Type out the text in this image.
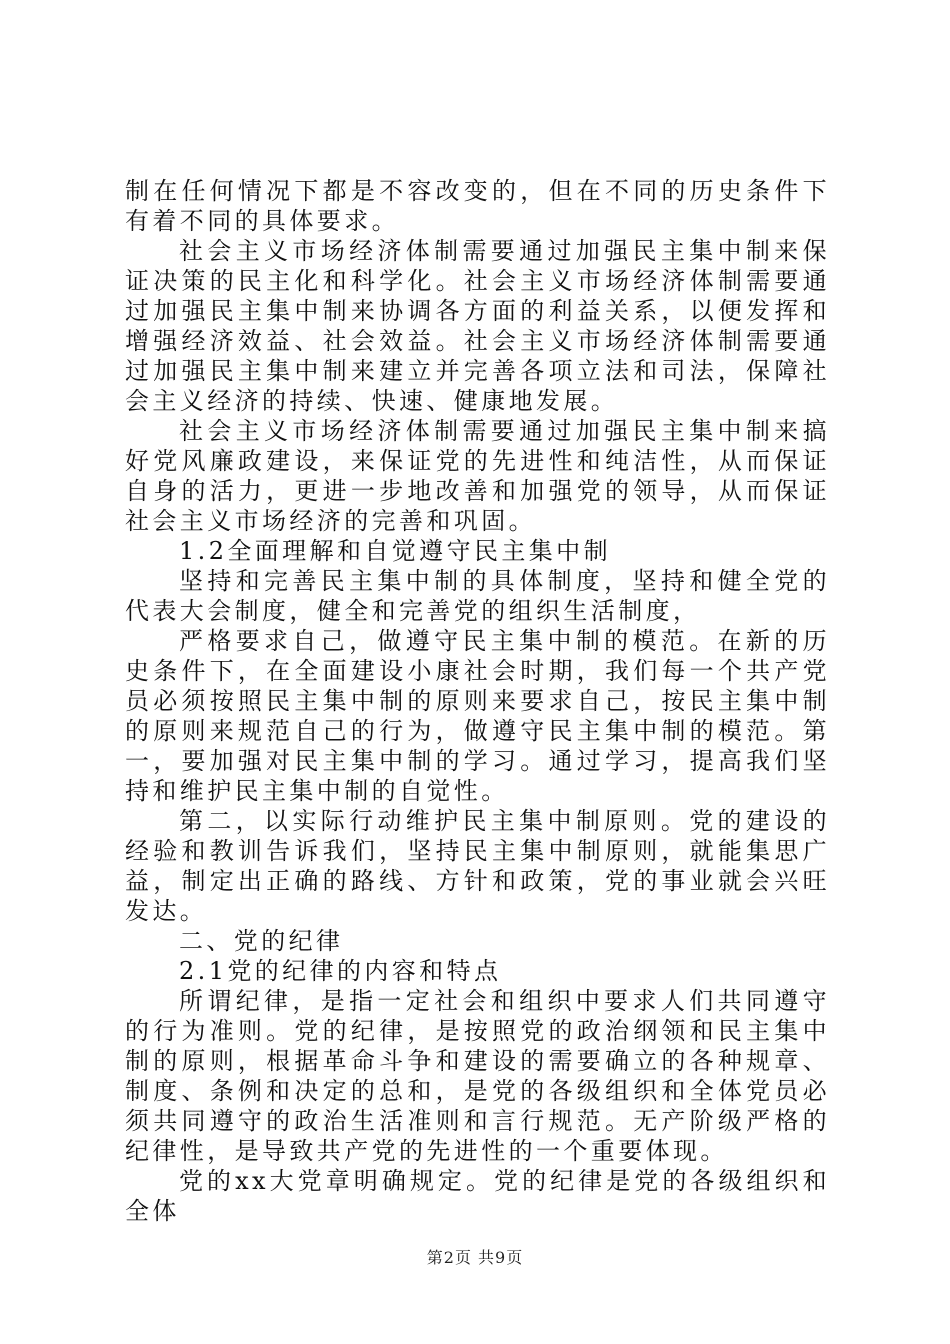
制在任何情况下都是不容改变的，但在不同的历史条件下有着不同的具体要求。

社会主义市场经济体制需要通过加强民主集中制来保证决策的民主化和科学化。社会主义市场经济体制需要通过加强民主集中制来协调各方面的利益关系，以便发挥和增强经济效益、社会效益。社会主义市场经济体制需要通过加强民主集中制来建立并完善各项立法和司法，保障社会主义经济的持续、快速、健康地发展。

社会主义市场经济体制需要通过加强民主集中制来搞好党风廉政建设，来保证党的先进性和纯洁性，从而保证自身的活力，更进一步地改善和加强党的领导，从而保证社会主义市场经济的完善和巩固。

1.2全面理解和自觉遵守民主集中制

坚持和完善民主集中制的具体制度，坚持和健全党的代表大会制度，健全和完善党的组织生活制度，

严格要求自己，做遵守民主集中制的模范。在新的历史条件下，在全面建设小康社会时期，我们每一个共产党员必须按照民主集中制的原则来要求自己，按民主集中制的原则来规范自己的行为，做遵守民主集中制的模范。第一，要加强对民主集中制的学习。通过学习，提高我们坚持和维护民主集中制的自觉性。

第二，以实际行动维护民主集中制原则。党的建设的经验和教训告诉我们，坚持民主集中制原则，就能集思广益，制定出正确的路线、方针和政策，党的事业就会兴旺发达。

二、党的纪律

2.1党的纪律的内容和特点

所谓纪律，是指一定社会和组织中要求人们共同遵守的行为准则。党的纪律，是按照党的政治纲领和民主集中制的原则，根据革命斗争和建设的需要确立的各种规章、制度、条例和决定的总和，是党的各级组织和全体党员必须共同遵守的政治生活准则和言行规范。无产阶级严格的纪律性，是导致共产党的先进性的一个重要体现。

党的xx大党章明确规定。党的纪律是党的各级组织和全体

第2页 共9页
